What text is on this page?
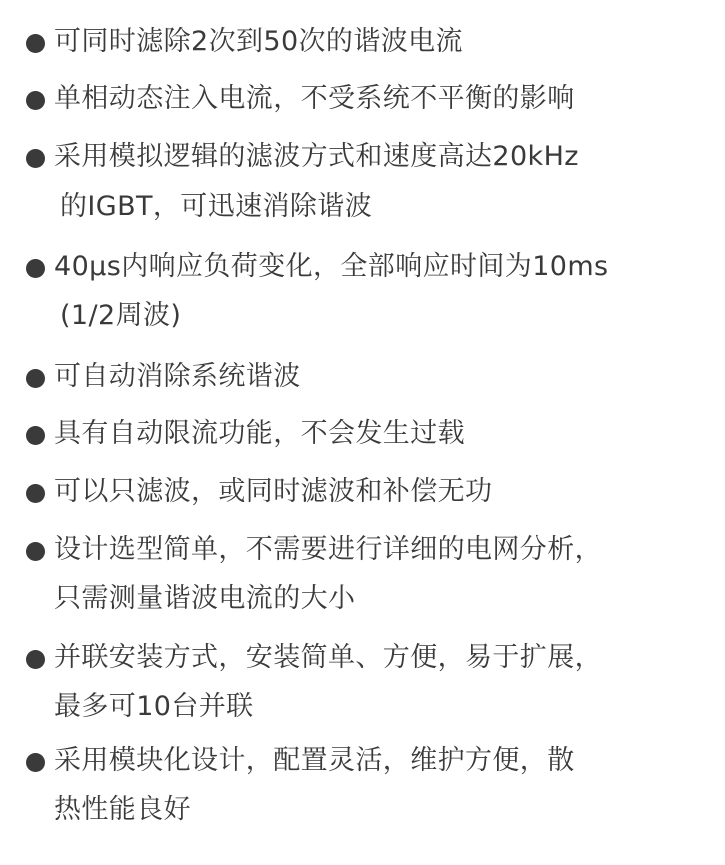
可同时滤除2次到50次的谐波电流
单相动态注入电流，不受系统不平衡的影响
采用模拟逻辑的滤波方式和速度高达20kHz
的IGBT，可迅速消除谐波
40μs内响应负荷变化，全部响应时间为10ms
(1/2周波)
可自动消除系统谐波
具有自动限流功能，不会发生过载
可以只滤波，或同时滤波和补偿无功
设计选型简单，不需要进行详细的电网分析，
只需测量谐波电流的大小
并联安装方式，安装简单、方便，易于扩展，
最多可10台并联
采用模块化设计，配置灵活，维护方便，散
热性能良好
